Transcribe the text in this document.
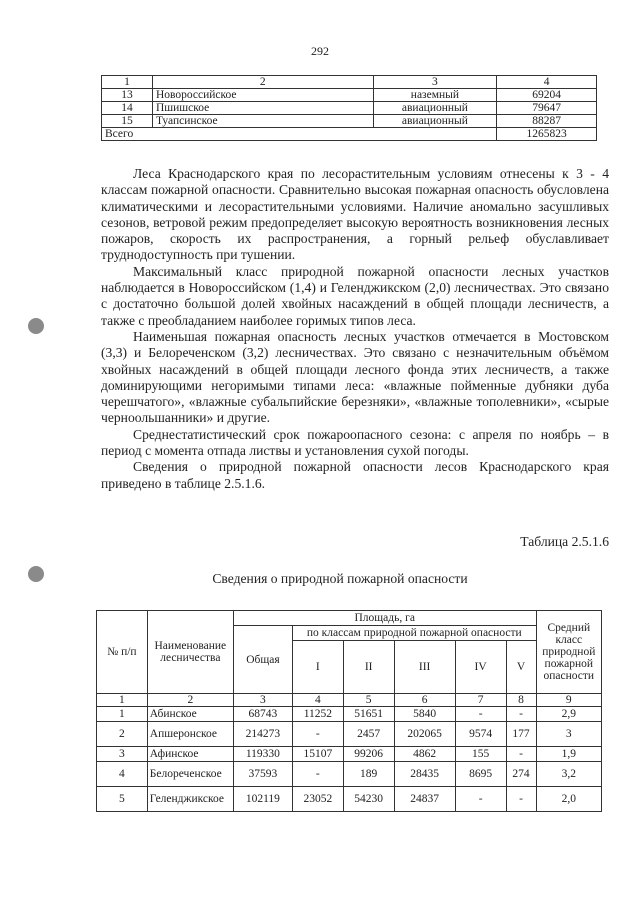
292
1	2	3	4
13	Новороссийское	наземный	69204
14	Пшишское	авиационный	79647
15	Туапсинское	авиационный	88287
Всего			1265823

Леса Краснодарского края по лесорастительным условиям отнесены к 3 - 4 классам пожарной опасности. Сравнительно высокая пожарная опасность обусловлена климатическими и лесорастительными условиями. Наличие аномально засушливых сезонов, ветровой режим предопределяет высокую вероятность возникновения лесных пожаров, скорость их распространения, а горный рельеф обуславливает труднодоступность при тушении.

Максимальный класс природной пожарной опасности лесных участков наблюдается в Новороссийском (1,4) и Геленджикском (2,0) лесничествах. Это связано с достаточно большой долей хвойных насаждений в общей площади лесничеств, а также с преобладанием наиболее горимых типов леса.

Наименьшая пожарная опасность лесных участков отмечается в Мостовском (3,3) и Белореченском (3,2) лесничествах. Это связано с незначительным объёмом хвойных насаждений в общей площади лесного фонда этих лесничеств, а также доминирующими негоримыми типами леса: «влажные пойменные дубняки дуба черешчатого», «влажные субальпийские березняки», «влажные тополевники», «сырые черноольшанники» и другие.

Среднестатистический срок пожароопасного сезона: с апреля по ноябрь – в период с момента отпада листвы и установления сухой погоды.

Сведения о природной пожарной опасности лесов Краснодарского края приведено в таблице 2.5.1.6.

Таблица 2.5.1.6
Сведения о природной пожарной опасности
№ п/п	Наименование лесничества	Площадь, га						Средний класс природной пожарной опасности
		Общая	по классам природной пожарной опасности					
			I	II	III	IV	V	
1	2	3	4	5	6	7	8	9
1	Абинское	68743	11252	51651	5840	-	-	2,9
2	Апшеронское	214273	-	2457	202065	9574	177	3
3	Афинское	119330	15107	99206	4862	155	-	1,9
4	Белореченское	37593	-	189	28435	8695	274	3,2
5	Геленджикское	102119	23052	54230	24837	-	-	2,0
